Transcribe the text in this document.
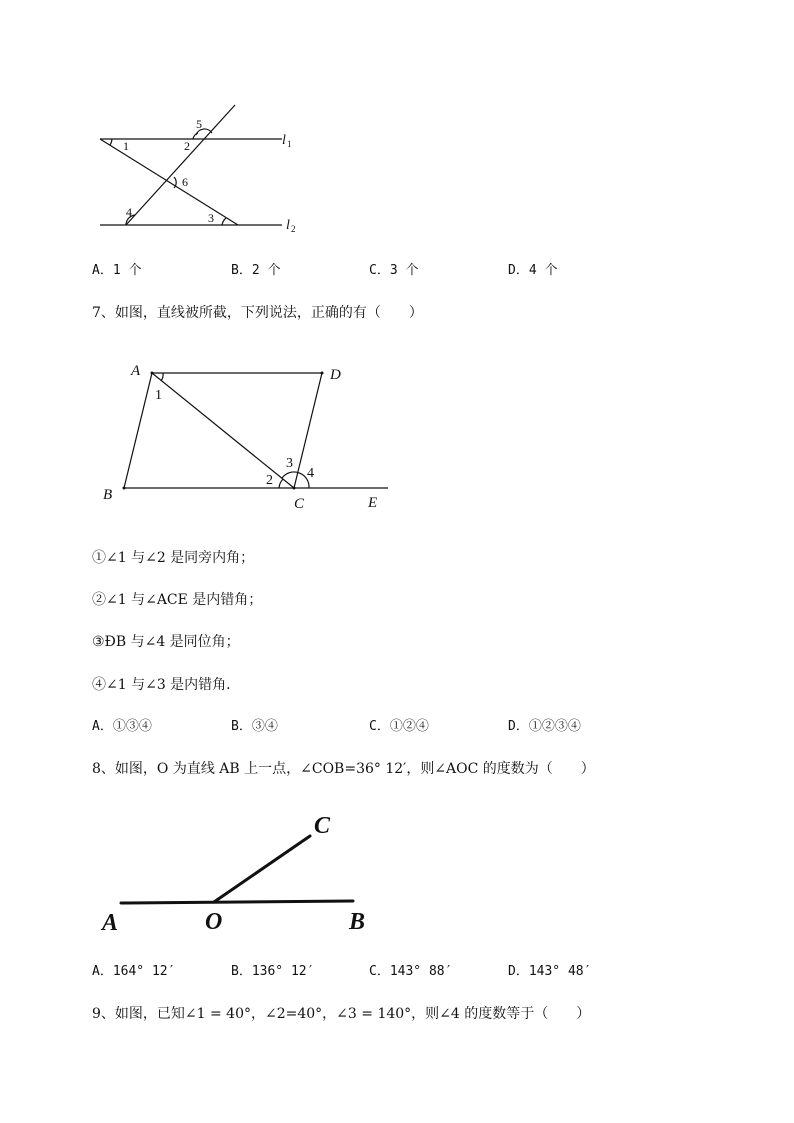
1	2
5
6
4	3
l 1
l 2
A．1 个	B．2 个	C．3 个	D．4 个
7、如图，直线被所截，下列说法，正确的有（　　）
A	D
B
C	E
1
2
3
4
①∠1 与∠2 是同旁内角；
②∠1 与∠ACE 是内错角；
③ÐB 与∠4 是同位角；
④∠1 与∠3 是内错角．
A．①③④	B．③④	C．①②④	D．①②③④
8、如图，O 为直线 AB 上一点，∠COB=36° 12′，则∠AOC 的度数为（　　）
A	O	B
C
A．164° 12′	B．136° 12′	C．143° 88′	D．143° 48′
9、如图，已知∠1 = 40°，∠2=40°，∠3 = 140°，则∠4 的度数等于（　　）
